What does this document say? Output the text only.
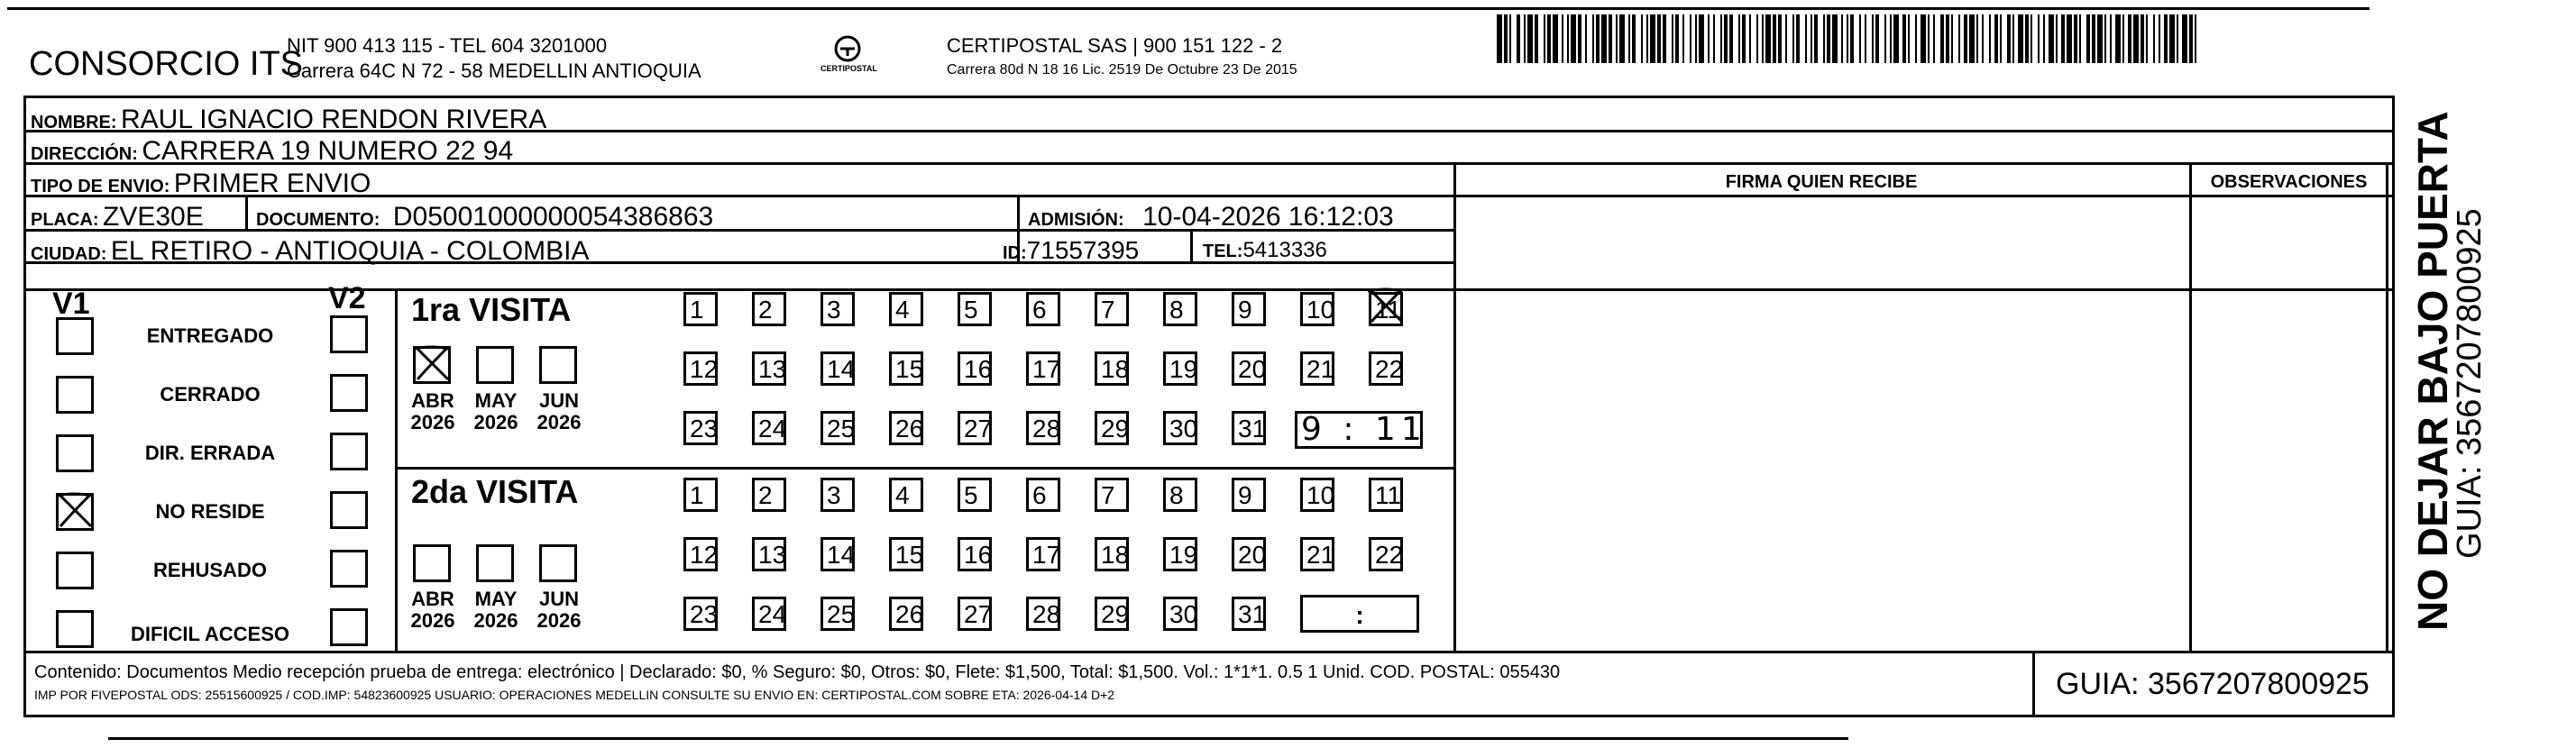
CONSORCIO ITS
NIT 900 413 115 - TEL 604 3201000
Carrera 64C N 72 - 58 MEDELLIN ANTIOQUIA	CERTIPOSTAL
CERTIPOSTAL SAS | 900 151 122 - 2
Carrera 80d N 18 16 Lic. 2519 De Octubre 23 De 2015
NOMBRE: RAUL IGNACIO RENDON RIVERA
DIRECCIÓN: CARRERA 19 NUMERO 22 94
TIPO DE ENVIO: PRIMER ENVIO
PLACA: ZVE30E	DOCUMENTO: D05001000000054386863	ADMISIÓN: 10-04-2026 16:12:03
CIUDAD: EL RETIRO - ANTIOQUIA - COLOMBIA	ID:71557395	TEL:5413336
FIRMA QUIEN RECIBE	OBSERVACIONES
V1	V2
ENTREGADO
CERRADO
DIR. ERRADA
NO RESIDE
REHUSADO
DIFICIL ACCESO
1ra VISITA
ABR
2026
MAY
2026
JUN
2026
1	2	3	4	5	6	7	8	9	10 11
12 13 14 15 16 17 18 19 20 21 22
23 24 25 26 27 28 29 30 31 9 : 11
2da VISITA
ABR
2026
MAY
2026
JUN
2026
1	2	3	4	5	6	7	8	9	10 11
12 13 14 15 16 17 18 19 20 21 22
23 24 25 26 27 28 29 30 31	:
Contenido: Documentos Medio recepción prueba de entrega: electrónico | Declarado: $0, % Seguro: $0, Otros: $0, Flete: $1,500, Total: $1,500. Vol.: 1*1*1. 0.5 1 Unid. COD. POSTAL: 055430
IMP POR FIVEPOSTAL ODS: 25515600925 / COD.IMP: 54823600925 USUARIO: OPERACIONES MEDELLIN CONSULTE SU ENVIO EN: CERTIPOSTAL.COM SOBRE ETA: 2026-04-14 D+2	GUIA: 3567207800925
NO DEJAR BAJO PUERTA
GUIA: 3567207800925
